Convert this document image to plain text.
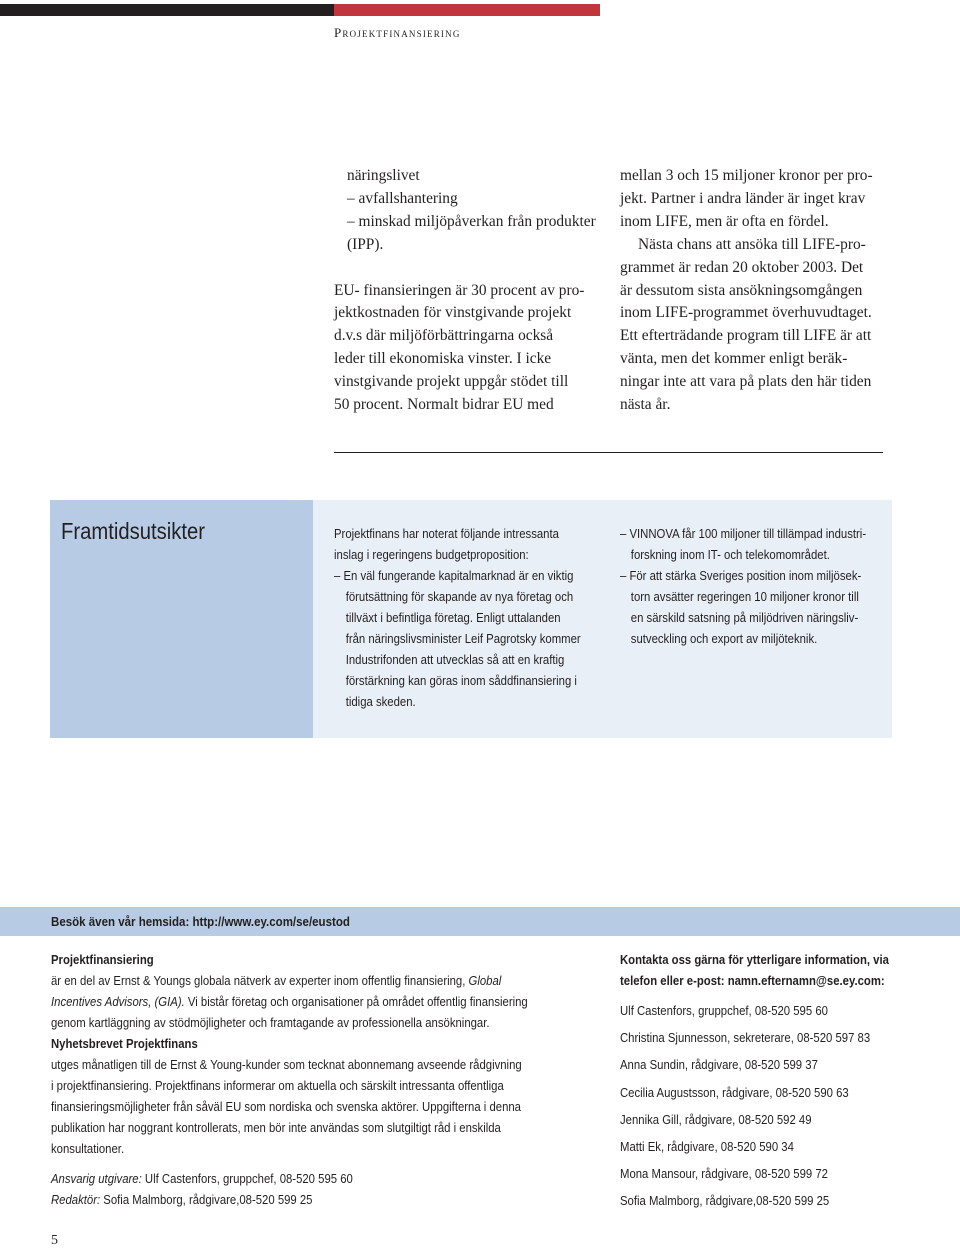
Projektfinansiering
näringslivet
– avfallshantering
– minskad miljöpåverkan från produkter
(IPP).
EU- finansieringen är 30 procent av pro-
jektkostnaden för vinstgivande projekt
d.v.s där miljöförbättringarna också
leder till ekonomiska vinster. I icke
vinstgivande projekt uppgår stödet till
50 procent. Normalt bidrar EU med
mellan 3 och 15 miljoner kronor per pro-
jekt. Partner i andra länder är inget krav
inom LIFE, men är ofta en fördel.
Nästa chans att ansöka till LIFE-pro-
grammet är redan 20 oktober 2003. Det
är dessutom sista ansökningsomgången
inom LIFE-programmet överhuvudtaget.
Ett efterträdande program till LIFE är att
vänta, men det kommer enligt beräk-
ningar inte att vara på plats den här tiden
nästa år.
Framtidsutsikter	Projektfinans har noterat följande intressanta
inslag i regeringens budgetproposition:
– En väl fungerande kapitalmarknad är en viktig
förutsättning för skapande av nya företag och
tillväxt i befintliga företag. Enligt uttalanden
från näringslivsminister Leif Pagrotsky kommer
Industrifonden att utvecklas så att en kraftig
förstärkning kan göras inom såddfinansiering i
tidiga skeden.
– VINNOVA får 100 miljoner till tillämpad industri-
forskning inom IT- och telekomområdet.
– För att stärka Sveriges position inom miljösek-
torn avsätter regeringen 10 miljoner kronor till
en särskild satsning på miljödriven näringsliv-
sutveckling och export av miljöteknik.
Besök även vår hemsida: http://www.ey.com/se/eustod
Projektfinansiering
är en del av Ernst & Youngs globala nätverk av experter inom offentlig finansiering, Global
Incentives Advisors, (GIA). Vi bistår företag och organisationer på området offentlig finansiering
genom kartläggning av stödmöjligheter och framtagande av professionella ansökningar.
Nyhetsbrevet Projektfinans
utges månatligen till de Ernst & Young-kunder som tecknat abonnemang avseende rådgivning
i projektfinansiering. Projektfinans informerar om aktuella och särskilt intressanta offentliga
finansieringsmöjligheter från såväl EU som nordiska och svenska aktörer. Uppgifterna i denna
publikation har noggrant kontrollerats, men bör inte användas som slutgiltigt råd i enskilda
konsultationer.
Ansvarig utgivare: Ulf Castenfors, gruppchef, 08-520 595 60
Redaktör: Sofia Malmborg, rådgivare,08-520 599 25
Kontakta oss gärna för ytterligare information, via
telefon eller e-post: namn.efternamn@se.ey.com:
Ulf Castenfors, gruppchef, 08-520 595 60
Christina Sjunnesson, sekreterare, 08-520 597 83
Anna Sundin, rådgivare, 08-520 599 37
Cecilia Augustsson, rådgivare, 08-520 590 63
Jennika Gill, rådgivare, 08-520 592 49
Matti Ek, rådgivare, 08-520 590 34
Mona Mansour, rådgivare, 08-520 599 72
Sofia Malmborg, rådgivare,08-520 599 25
5
